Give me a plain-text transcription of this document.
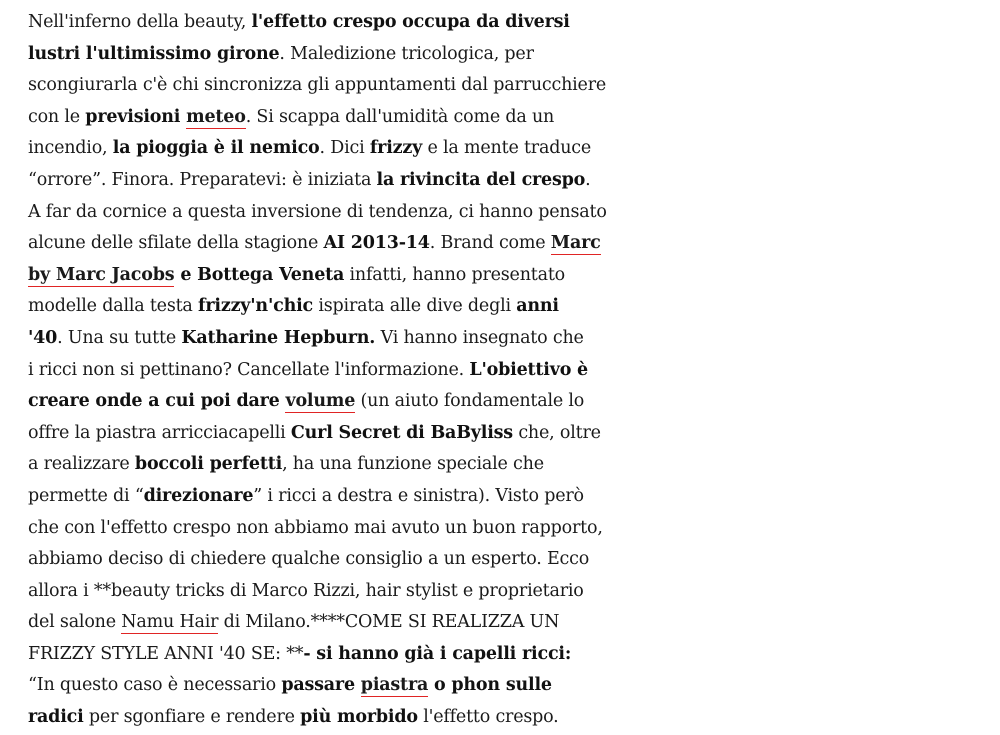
Nell'inferno della beauty, l'effetto crespo occupa da diversi
lustri l'ultimissimo girone. Maledizione tricologica, per
scongiurarla c'è chi sincronizza gli appuntamenti dal parrucchiere
con le previsioni meteo. Si scappa dall'umidità come da un
incendio, la pioggia è il nemico. Dici frizzy e la mente traduce
“orrore”. Finora. Preparatevi: è iniziata la rivincita del crespo.
A far da cornice a questa inversione di tendenza, ci hanno pensato
alcune delle sfilate della stagione AI 2013-14. Brand come Marc
by Marc Jacobs e Bottega Veneta infatti, hanno presentato
modelle dalla testa frizzy'n'chic ispirata alle dive degli anni
'40. Una su tutte Katharine Hepburn. Vi hanno insegnato che
i ricci non si pettinano? Cancellate l'informazione. L'obiettivo è
creare onde a cui poi dare volume (un aiuto fondamentale lo
offre la piastra arricciacapelli Curl Secret di BaByliss che, oltre
a realizzare boccoli perfetti, ha una funzione speciale che
permette di “direzionare” i ricci a destra e sinistra). Visto però
che con l'effetto crespo non abbiamo mai avuto un buon rapporto,
abbiamo deciso di chiedere qualche consiglio a un esperto. Ecco
allora i **beauty tricks di Marco Rizzi, hair stylist e proprietario
del salone Namu Hair di Milano.****COME SI REALIZZA UN
FRIZZY STYLE ANNI '40 SE: **- si hanno già i capelli ricci:
“In questo caso è necessario passare piastra o phon sulle
radici per sgonfiare e rendere più morbido l'effetto crespo.
